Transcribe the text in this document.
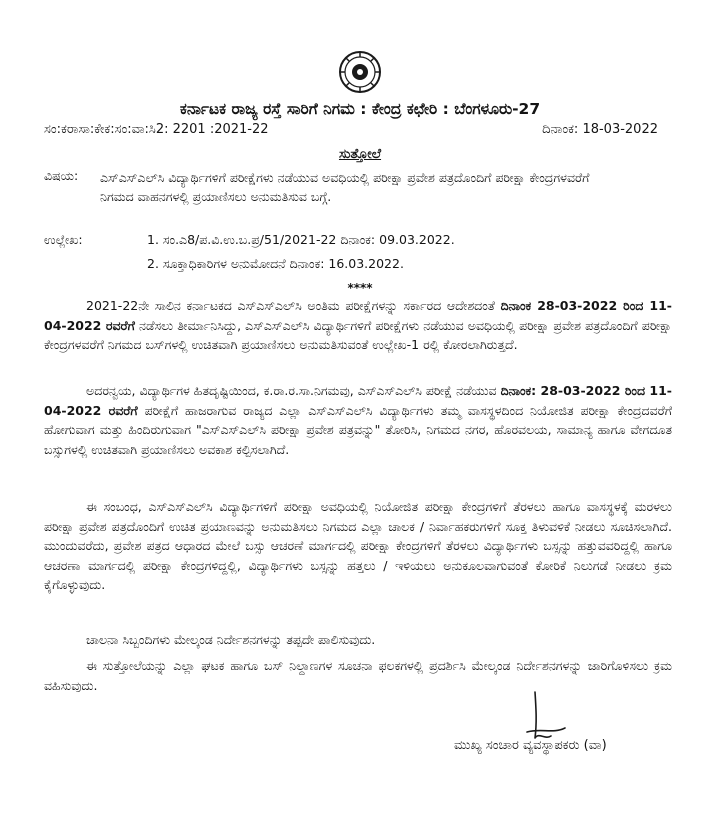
ಕರ್ನಾಟಕ ರಾಜ್ಯ ರಸ್ತೆ ಸಾರಿಗೆ ನಿಗಮ : ಕೇಂದ್ರ ಕಛೇರಿ : ಬೆಂಗಳೂರು-27
ಸಂ:ಕರಾಸಾ:ಕೇಕ:ಸಂ:ವಾ:ಸಿ2: 2201 :2021-22	ದಿನಾಂಕ: 18-03-2022
ಸುತ್ತೋಲೆ
ವಿಷಯ: ಎಸ್‌ಎಸ್‌ಎಲ್‌ಸಿ ವಿದ್ಯಾರ್ಥಿಗಳಿಗೆ ಪರೀಕ್ಷೆಗಳು ನಡೆಯುವ ಅವಧಿಯಲ್ಲಿ ಪರೀಕ್ಷಾ ಪ್ರವೇಶ ಪತ್ರದೊಂದಿಗೆ ಪರೀಕ್ಷಾ ಕೇಂದ್ರಗಳವರೆಗೆ ನಿಗಮದ ವಾಹನಗಳಲ್ಲಿ ಪ್ರಯಾಣಿಸಲು ಅನುಮತಿಸುವ ಬಗ್ಗೆ.
ಉಲ್ಲೇಖ:	1. ಸಂ.ಎ8/ಪ.ವಿ.ಉ.ಬ.ಪ್ರ/51/2021-22 ದಿನಾಂಕ: 09.03.2022.
2. ಸೂಕ್ತಾಧಿಕಾರಿಗಳ ಅನುಮೋದನೆ ದಿನಾಂಕ: 16.03.2022.
****
2021-22ನೇ ಸಾಲಿನ ಕರ್ನಾಟಕದ ಎಸ್‌ಎಸ್‌ಎಲ್‌ಸಿ ಅಂತಿಮ ಪರೀಕ್ಷೆಗಳನ್ನು ಸರ್ಕಾರದ ಆದೇಶದಂತೆ ದಿನಾಂಕ 28-03-2022 ರಿಂದ 11-04-2022 ರವರೆಗೆ ನಡೆಸಲು ತೀರ್ಮಾನಿಸಿದ್ದು, ಎಸ್‌ಎಸ್‌ಎಲ್‌ಸಿ ವಿದ್ಯಾರ್ಥಿಗಳಿಗೆ ಪರೀಕ್ಷೆಗಳು ನಡೆಯುವ ಅವಧಿಯಲ್ಲಿ ಪರೀಕ್ಷಾ ಪ್ರವೇಶ ಪತ್ರದೊಂದಿಗೆ ಪರೀಕ್ಷಾ ಕೇಂದ್ರಗಳವರೆಗೆ ನಿಗಮದ ಬಸ್‌ಗಳಲ್ಲಿ ಉಚಿತವಾಗಿ ಪ್ರಯಾಣಿಸಲು ಅನುಮತಿಸುವಂತೆ ಉಲ್ಲೇಖ-1 ರಲ್ಲಿ ಕೋರಲಾಗಿರುತ್ತದೆ.
ಅದರನ್ವಯ, ವಿದ್ಯಾರ್ಥಿಗಳ ಹಿತದೃಷ್ಟಿಯಿಂದ, ಕ.ರಾ.ರ.ಸಾ.ನಿಗಮವು, ಎಸ್‌ಎಸ್‌ಎಲ್‌ಸಿ ಪರೀಕ್ಷೆ ನಡೆಯುವ ದಿನಾಂಕ: 28-03-2022 ರಿಂದ 11-04-2022 ರವರೆಗೆ ಪರೀಕ್ಷೆಗೆ ಹಾಜರಾಗುವ ರಾಜ್ಯದ ಎಲ್ಲಾ ಎಸ್‌ಎಸ್‌ಎಲ್‌ಸಿ ವಿದ್ಯಾರ್ಥಿಗಳು ತಮ್ಮ ವಾಸಸ್ಥಳದಿಂದ ನಿಯೋಜಿತ ಪರೀಕ್ಷಾ ಕೇಂದ್ರದವರೆಗೆ ಹೋಗುವಾಗ ಮತ್ತು ಹಿಂದಿರುಗುವಾಗ "ಎಸ್‌ಎಸ್‌ಎಲ್‌ಸಿ ಪರೀಕ್ಷಾ ಪ್ರವೇಶ ಪತ್ರವನ್ನು" ತೋರಿಸಿ, ನಿಗಮದ ನಗರ, ಹೊರವಲಯ, ಸಾಮಾನ್ಯ ಹಾಗೂ ವೇಗದೂತ ಬಸ್ಸುಗಳಲ್ಲಿ ಉಚಿತವಾಗಿ ಪ್ರಯಾಣಿಸಲು ಅವಕಾಶ ಕಲ್ಪಿಸಲಾಗಿದೆ.
ಈ ಸಂಬಂಧ, ಎಸ್‌ಎಸ್‌ಎಲ್‌ಸಿ ವಿದ್ಯಾರ್ಥಿಗಳಿಗೆ ಪರೀಕ್ಷಾ ಅವಧಿಯಲ್ಲಿ ನಿಯೋಜಿತ ಪರೀಕ್ಷಾ ಕೇಂದ್ರಗಳಿಗೆ ತೆರಳಲು ಹಾಗೂ ವಾಸಸ್ಥಳಕ್ಕೆ ಮರಳಲು ಪರೀಕ್ಷಾ ಪ್ರವೇಶ ಪತ್ರದೊಂದಿಗೆ ಉಚಿತ ಪ್ರಯಾಣವನ್ನು ಅನುಮತಿಸಲು ನಿಗಮದ ಎಲ್ಲಾ ಚಾಲಕ / ನಿರ್ವಾಹಕರುಗಳಿಗೆ ಸೂಕ್ತ ತಿಳುವಳಿಕೆ ನೀಡಲು ಸೂಚಿಸಲಾಗಿದೆ. ಮುಂದುವರೆದು, ಪ್ರವೇಶ ಪತ್ರದ ಆಧಾರದ ಮೇಲೆ ಬಸ್ಸು ಆಚರಣೆ ಮಾರ್ಗದಲ್ಲಿ ಪರೀಕ್ಷಾ ಕೇಂದ್ರಗಳಿಗೆ ತೆರಳಲು ವಿದ್ಯಾರ್ಥಿಗಳು ಬಸ್ಸನ್ನು ಹತ್ತುವವರಿದ್ದಲ್ಲಿ ಹಾಗೂ ಆಚರಣಾ ಮಾರ್ಗದಲ್ಲಿ ಪರೀಕ್ಷಾ ಕೇಂದ್ರಗಳಿದ್ದಲ್ಲಿ, ವಿದ್ಯಾರ್ಥಿಗಳು ಬಸ್ಸನ್ನು ಹತ್ತಲು / ಇಳಿಯಲು ಅನುಕೂಲವಾಗುವಂತೆ ಕೋರಿಕೆ ನಿಲುಗಡೆ ನೀಡಲು ಕ್ರಮ ಕೈಗೊಳ್ಳುವುದು.
ಚಾಲನಾ ಸಿಬ್ಬಂದಿಗಳು ಮೇಲ್ಕಂಡ ನಿರ್ದೇಶನಗಳನ್ನು ತಪ್ಪದೇ ಪಾಲಿಸುವುದು.
ಈ ಸುತ್ತೋಲೆಯನ್ನು ಎಲ್ಲಾ ಘಟಕ ಹಾಗೂ ಬಸ್ ನಿಲ್ದಾಣಗಳ ಸೂಚನಾ ಫಲಕಗಳಲ್ಲಿ ಪ್ರದರ್ಶಿಸಿ ಮೇಲ್ಕಂಡ ನಿರ್ದೇಶನಗಳನ್ನು ಜಾರಿಗೊಳಿಸಲು ಕ್ರಮ ವಹಿಸುವುದು.
ಮುಖ್ಯ ಸಂಚಾರ ವ್ಯವಸ್ಥಾಪಕರು (ವಾ)
